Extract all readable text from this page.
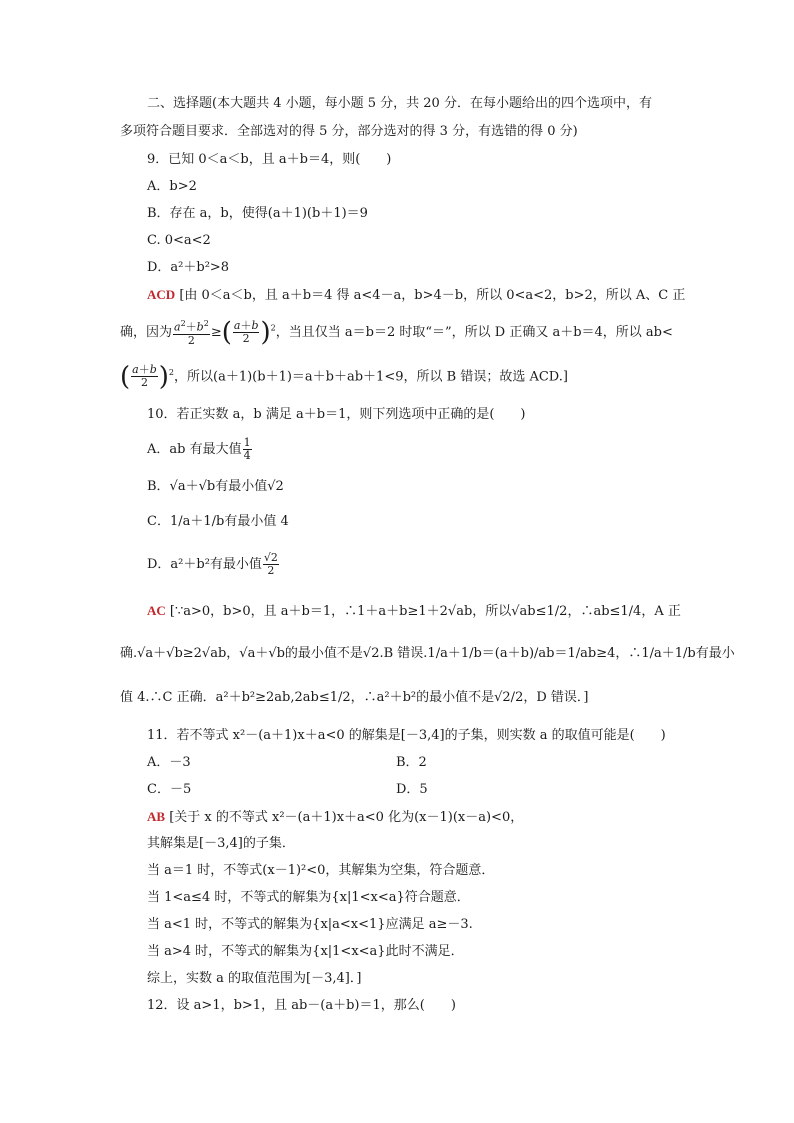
二、选择题(本大题共 4 小题，每小题 5 分，共 20 分．在每小题给出的四个选项中，有
多项符合题目要求．全部选对的得 5 分，部分选对的得 3 分，有选错的得 0 分)
9．已知 0＜a＜b，且 a＋b＝4，则(　　)
A．b>2
B．存在 a，b，使得(a＋1)(b＋1)＝9
C. 0<a<2
D．a²＋b²>8
ACD [由 0＜a＜b，且 a＋b＝4 得 a<4－a，b>4－b，所以 0<a<2，b>2，所以 A、C 正
确，因为 $\frac{a^2+b^2}{2}$ ≥( $\frac{a+b}{2} )^2$，当且仅当 a＝b＝2 时取“＝”，所以 D 正确又 a＋b＝4，所以 ab<
( $\frac{a+b}{2} )^2$，所以(a＋1)(b＋1)＝a＋b＋ab＋1<9，所以 B 错误；故选 ACD.]
10．若正实数 a，b 满足 a＋b＝1，则下列选项中正确的是(　　)
A．ab 有最大值 $\frac{1}{4}$
B．√a＋√b有最小值√2
C．1/a＋1/b有最小值 4
D．a²＋b²有最小值 $\frac{√2}{2}$
AC [∵a>0，b>0，且 a＋b＝1，∴1＋a＋b≥1＋2√ab，所以√ab≤1/2，∴ab≤1/4，A 正
确.√a＋√b≥2√ab，√a＋√b的最小值不是√2.B 错误.1/a＋1/b＝(a＋b)/ab＝1/ab≥4，∴1/a＋1/b有最小
值 4.∴C 正确．a²＋b²≥2ab,2ab≤1/2，∴a²＋b²的最小值不是√2/2，D 错误．]
11．若不等式 x²－(a＋1)x＋a<0 的解集是[－3,4]的子集，则实数 a 的取值可能是(　　)
A．－3	B．2
C．－5	D．5
AB [关于 x 的不等式 x²－(a＋1)x＋a<0 化为(x－1)(x－a)<0，
其解集是[－3,4]的子集．
当 a＝1 时，不等式(x－1)²<0，其解集为空集，符合题意．
当 1<a≤4 时，不等式的解集为{x|1<x<a}符合题意．
当 a<1 时，不等式的解集为{x|a<x<1}应满足 a≥－3.
当 a>4 时，不等式的解集为{x|1<x<a}此时不满足．
综上，实数 a 的取值范围为[－3,4]．]
12．设 a>1，b>1，且 ab－(a＋b)＝1，那么(　　)
